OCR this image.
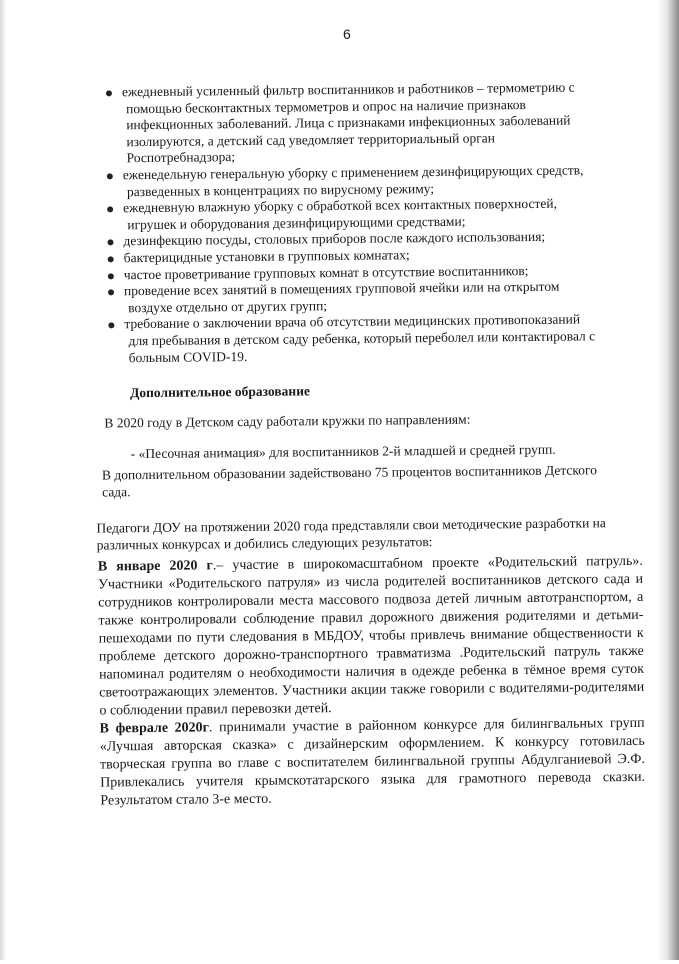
6
ежедневный усиленный фильтр воспитанников и работников – термометрию с
помощью бесконтактных термометров и опрос на наличие признаков
инфекционных заболеваний. Лица с признаками инфекционных заболеваний
изолируются, а детский сад уведомляет территориальный орган
Роспотребнадзора;
еженедельную генеральную уборку с применением дезинфицирующих средств,
разведенных в концентрациях по вирусному режиму;
ежедневную влажную уборку с обработкой всех контактных поверхностей,
игрушек и оборудования дезинфицирующими средствами;
дезинфекцию посуды, столовых приборов после каждого использования;
бактерицидные установки в групповых комнатах;
частое проветривание групповых комнат в отсутствие воспитанников;
проведение всех занятий в помещениях групповой ячейки или на открытом
воздухе отдельно от других групп;
требование о заключении врача об отсутствии медицинских противопоказаний
для пребывания в детском саду ребенка, который переболел или контактировал с
больным COVID-19.
Дополнительное образование
В 2020 году в Детском саду работали кружки по направлениям:
- «Песочная анимация» для воспитанников 2-й младшей и средней групп.
В дополнительном образовании задействовано 75 процентов воспитанников Детского сада.
Педагоги ДОУ на протяжении 2020 года представляли свои методические разработки на различных конкурсах и добились следующих результатов:
В январе 2020 г.– участие в широкомасштабном проекте «Родительский патруль». Участники «Родительского патруля» из числа родителей воспитанников детского сада и сотрудников контролировали места массового подвоза детей личным автотранспортом, а также контролировали соблюдение правил дорожного движения родителями и детьми-пешеходами по пути следования в МБДОУ, чтобы привлечь внимание общественности к проблеме детского дорожно-транспортного травматизма .Родительский патруль также напоминал родителям о необходимости наличия в одежде ребенка в тёмное время суток светоотражающих элементов. Участники акции также говорили с водителями-родителями о соблюдении правил перевозки детей.
В феврале 2020г. принимали участие в районном конкурсе для билингвальных групп «Лучшая авторская сказка» с дизайнерским оформлением. К конкурсу готовилась творческая группа во главе с воспитателем билингвальной группы Абдулганиевой Э.Ф. Привлекались учителя крымскотатарского языка для грамотного перевода сказки. Результатом стало 3-е место.
